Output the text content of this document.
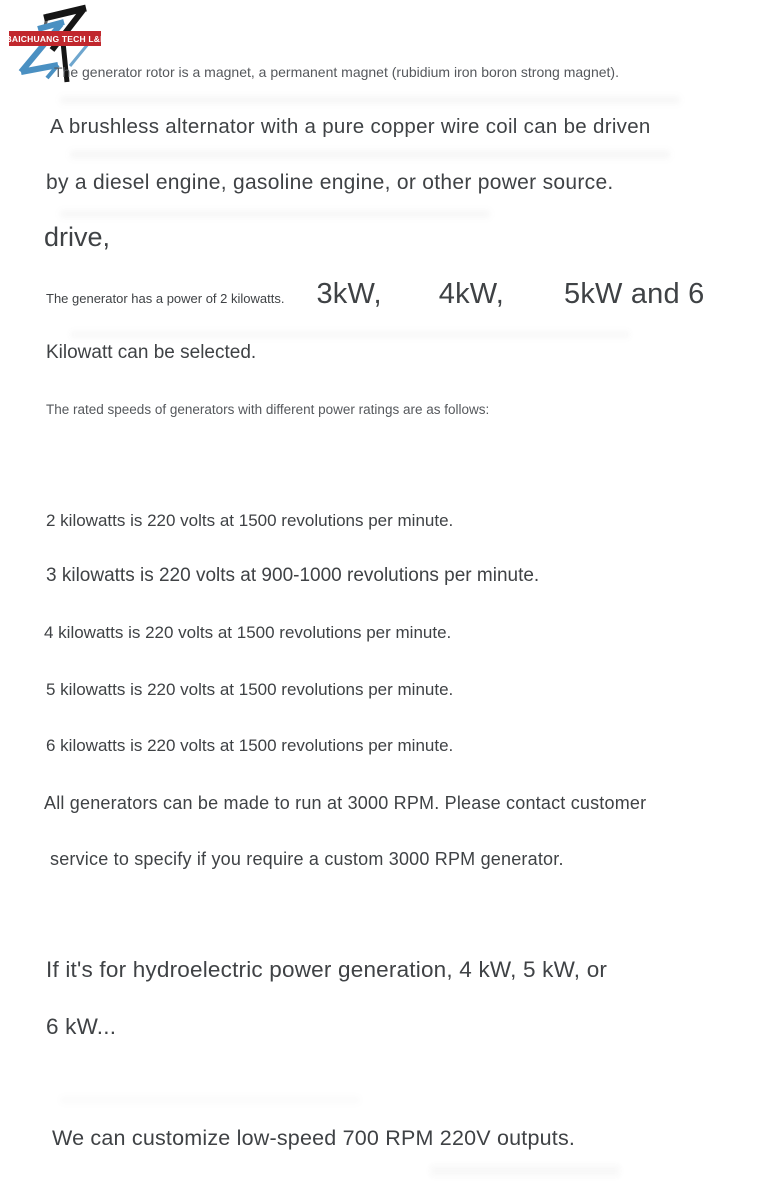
BAICHUANG TECH L&K
The generator rotor is a magnet, a permanent magnet (rubidium iron boron strong magnet).
A brushless alternator with a pure copper wire coil can be driven
by a diesel engine, gasoline engine, or other power source.
drive,
The generator has a power of 2 kilowatts. 3kW, 4kW, 5kW and 6
Kilowatt can be selected.
The rated speeds of generators with different power ratings are as follows:
2 kilowatts is 220 volts at 1500 revolutions per minute.
3 kilowatts is 220 volts at 900-1000 revolutions per minute.
4 kilowatts is 220 volts at 1500 revolutions per minute.
5 kilowatts is 220 volts at 1500 revolutions per minute.
6 kilowatts is 220 volts at 1500 revolutions per minute.
All generators can be made to run at 3000 RPM. Please contact customer
service to specify if you require a custom 3000 RPM generator.
If it's for hydroelectric power generation, 4 kW, 5 kW, or
6 kW...
We can customize low-speed 700 RPM 220V outputs.
